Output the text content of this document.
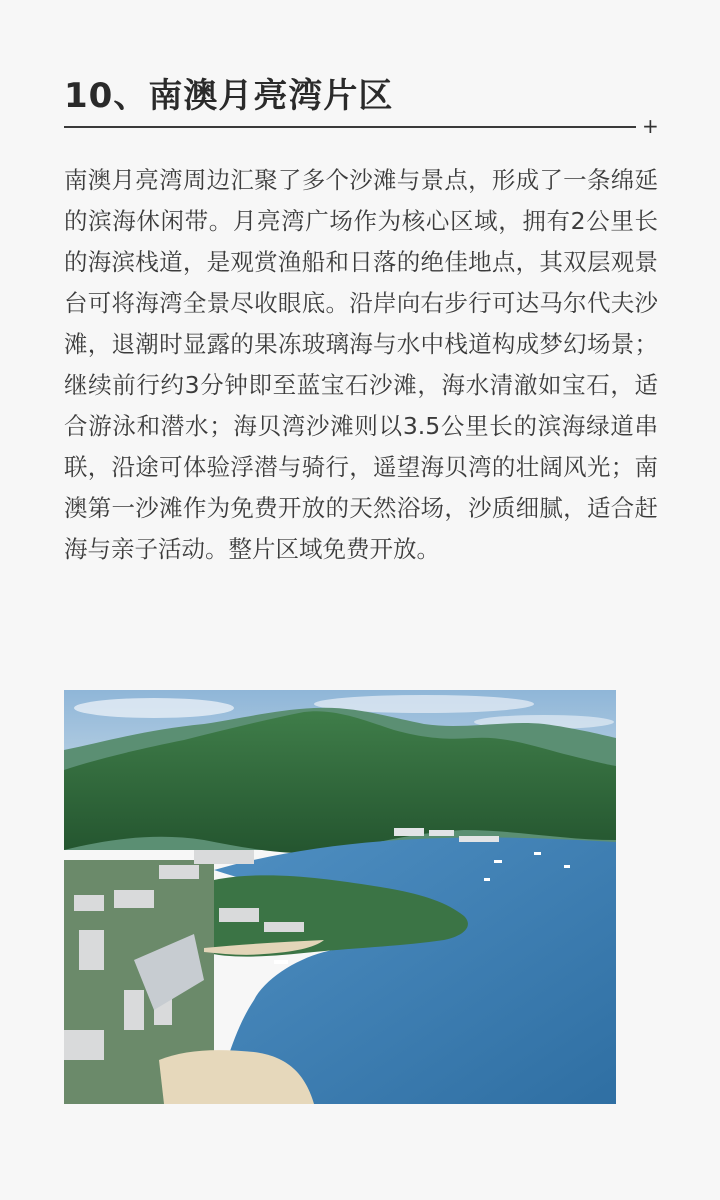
10、南澳月亮湾片区
+
南澳月亮湾周边汇聚了多个沙滩与景点，形成了一条绵延的滨海休闲带。月亮湾广场作为核心区域，拥有2公里长的海滨栈道，是观赏渔船和日落的绝佳地点，其双层观景台可将海湾全景尽收眼底。沿岸向右步行可达马尔代夫沙滩，退潮时显露的果冻玻璃海与水中栈道构成梦幻场景；继续前行约3分钟即至蓝宝石沙滩，海水清澈如宝石，适合游泳和潜水；海贝湾沙滩则以3.5公里长的滨海绿道串联，沿途可体验浮潜与骑行，遥望海贝湾的壮阔风光；南澳第一沙滩作为免费开放的天然浴场，沙质细腻，适合赶海与亲子活动。整片区域免费开放。
